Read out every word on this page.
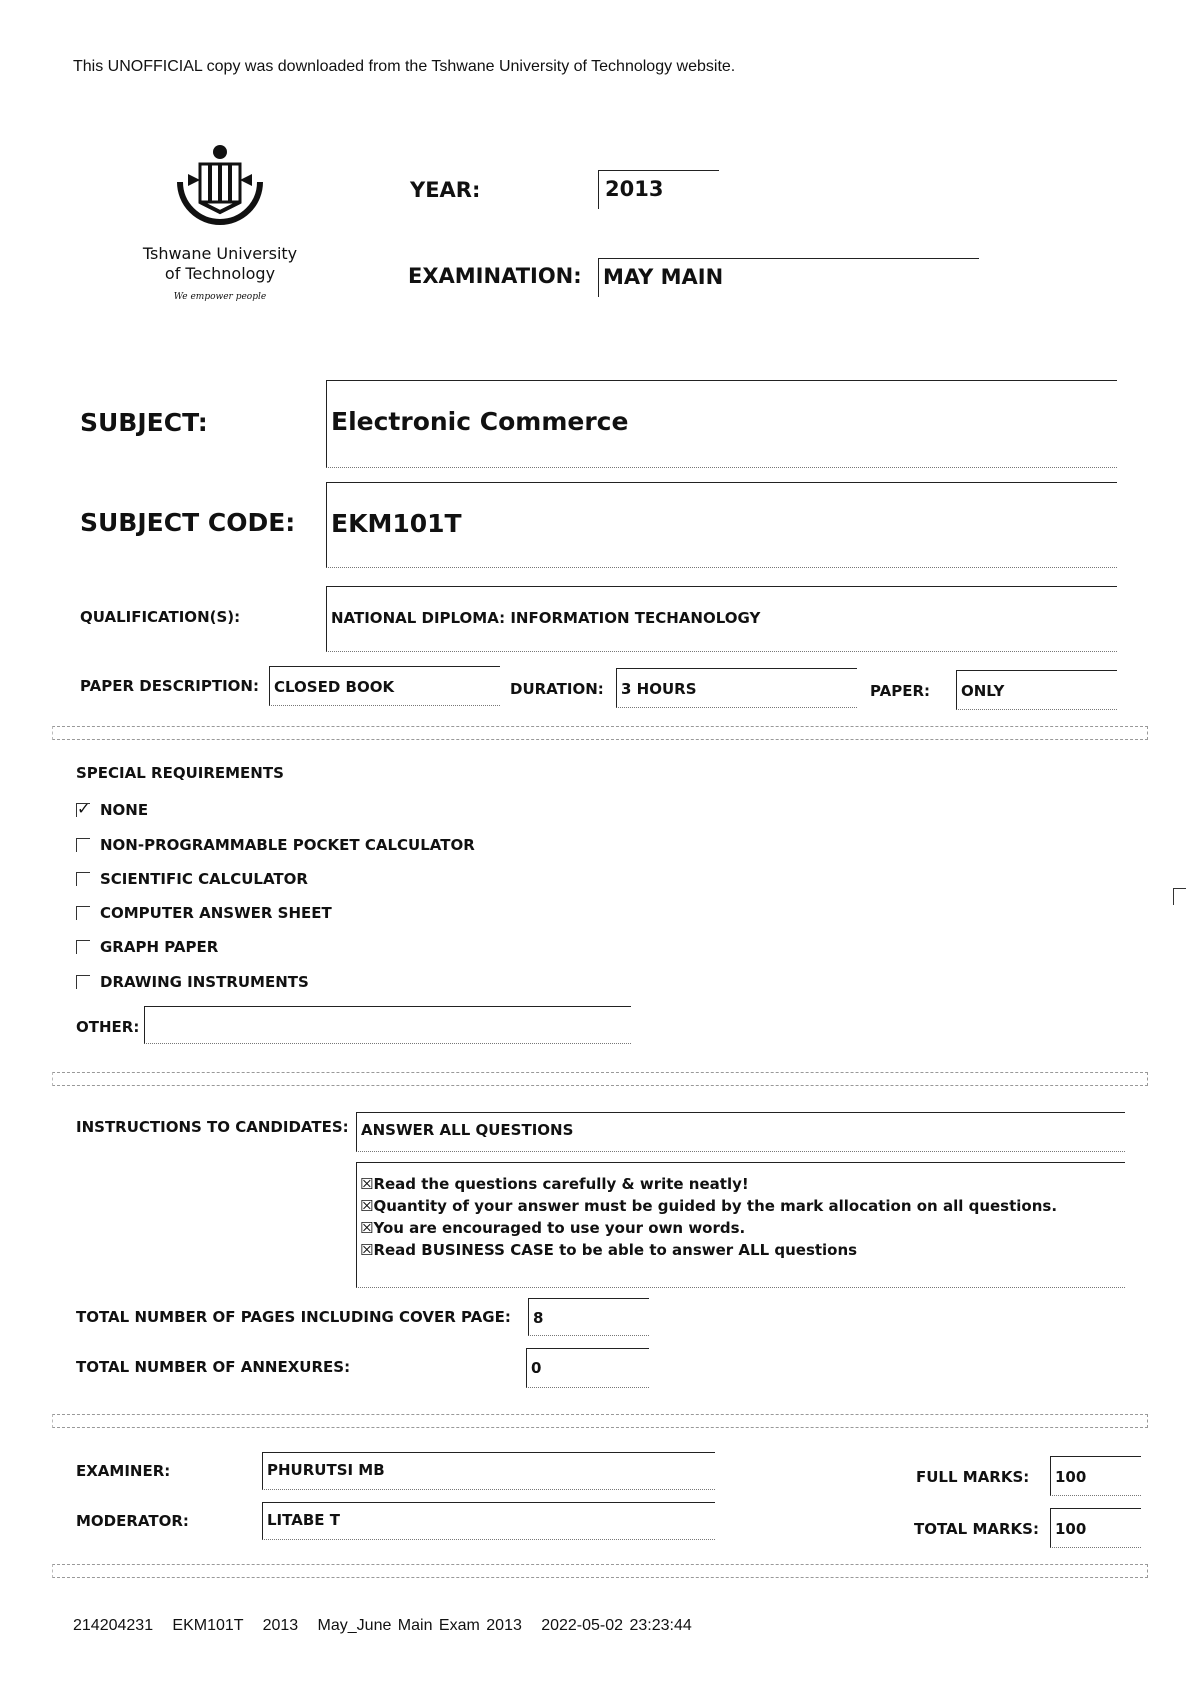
This UNOFFICIAL copy was downloaded from the Tshwane University of Technology website.
Tshwane University
of Technology
We empower people
YEAR:	2013
EXAMINATION: MAY MAIN
SUBJECT:	Electronic Commerce
SUBJECT CODE: EKM101T
QUALIFICATION(S):	NATIONAL DIPLOMA: INFORMATION TECHANOLOGY
PAPER DESCRIPTION: CLOSED BOOK	DURATION: 3 HOURS	PAPER: ONLY
SPECIAL REQUIREMENTS
✓NONE
NON-PROGRAMMABLE POCKET CALCULATOR
SCIENTIFIC CALCULATOR
COMPUTER ANSWER SHEET
GRAPH PAPER
DRAWING INSTRUMENTS
OTHER:
INSTRUCTIONS TO CANDIDATES: ANSWER ALL QUESTIONS
☒Read the questions carefully & write neatly!
☒Quantity of your answer must be guided by the mark allocation on all questions.
☒You are encouraged to use your own words.
☒Read BUSINESS CASE to be able to answer ALL questions
TOTAL NUMBER OF PAGES INCLUDING COVER PAGE: 8
TOTAL NUMBER OF ANNEXURES:	0
EXAMINER:	PHURUTSI MB	FULL MARKS: 100
MODERATOR:	LITABE T	TOTAL MARKS: 100
214204231   EKM101T   2013   May_June Main Exam 2013   2022-05-02 23:23:44
